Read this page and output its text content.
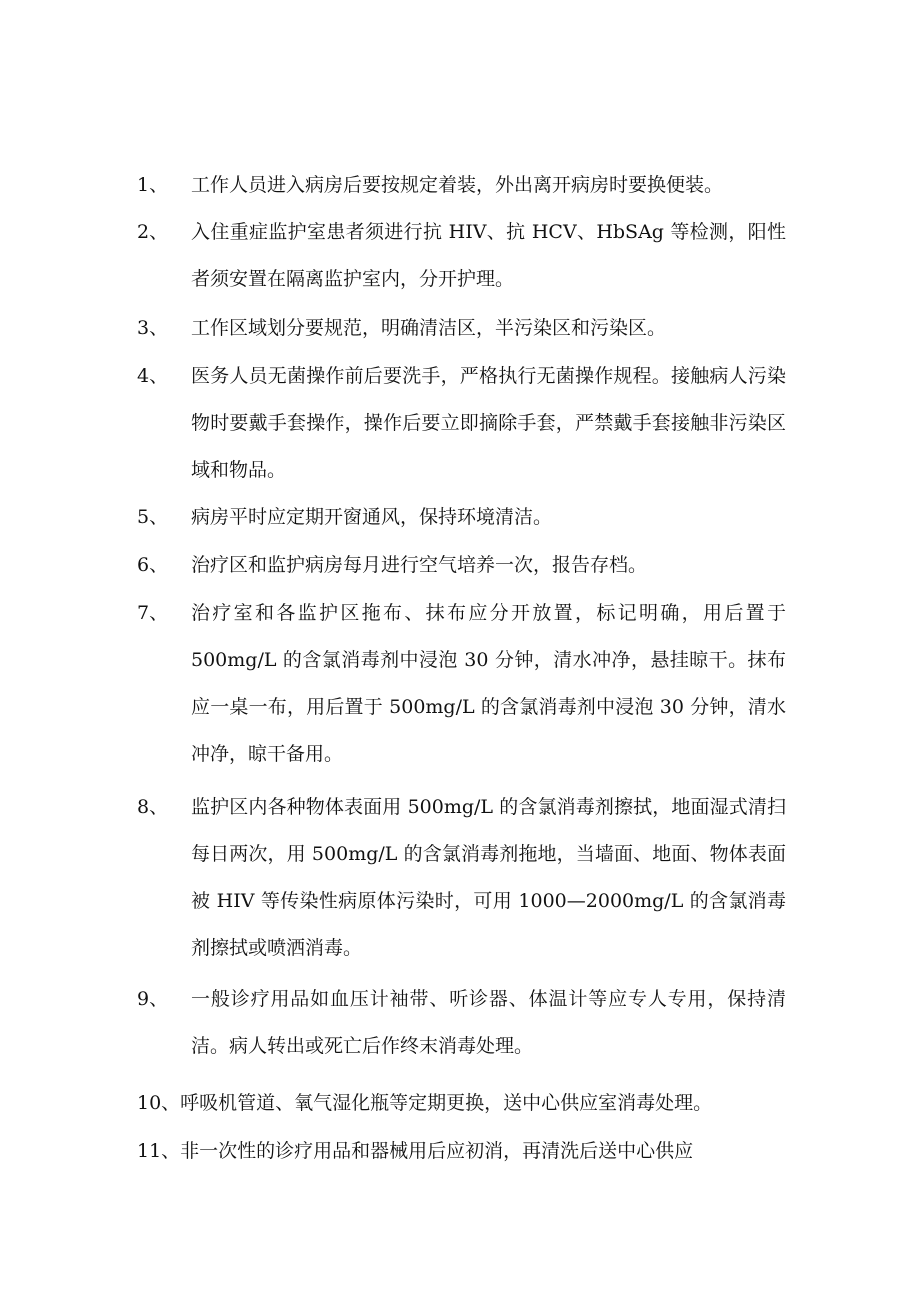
1、 工作人员进入病房后要按规定着装，外出离开病房时要换便装。
2、 入住重症监护室患者须进行抗 HIV、抗 HCV、HbSAg 等检测，阳性者须安置在隔离监护室内，分开护理。
3、 工作区域划分要规范，明确清洁区，半污染区和污染区。
4、 医务人员无菌操作前后要洗手，严格执行无菌操作规程。接触病人污染物时要戴手套操作，操作后要立即摘除手套，严禁戴手套接触非污染区域和物品。
5、 病房平时应定期开窗通风，保持环境清洁。
6、 治疗区和监护病房每月进行空气培养一次，报告存档。
7、 治疗室和各监护区拖布、抹布应分开放置，标记明确，用后置于500mg/L 的含氯消毒剂中浸泡 30 分钟，清水冲净，悬挂晾干。抹布应一桌一布，用后置于 500mg/L 的含氯消毒剂中浸泡 30 分钟，清水冲净，晾干备用。
8、 监护区内各种物体表面用 500mg/L 的含氯消毒剂擦拭，地面湿式清扫每日两次，用 500mg/L 的含氯消毒剂拖地，当墙面、地面、物体表面被 HIV 等传染性病原体污染时，可用 1000—2000mg/L 的含氯消毒剂擦拭或喷洒消毒。
9、 一般诊疗用品如血压计袖带、听诊器、体温计等应专人专用，保持清洁。病人转出或死亡后作终末消毒处理。
10、呼吸机管道、氧气湿化瓶等定期更换，送中心供应室消毒处理。
11、非一次性的诊疗用品和器械用后应初消，再清洗后送中心供应
